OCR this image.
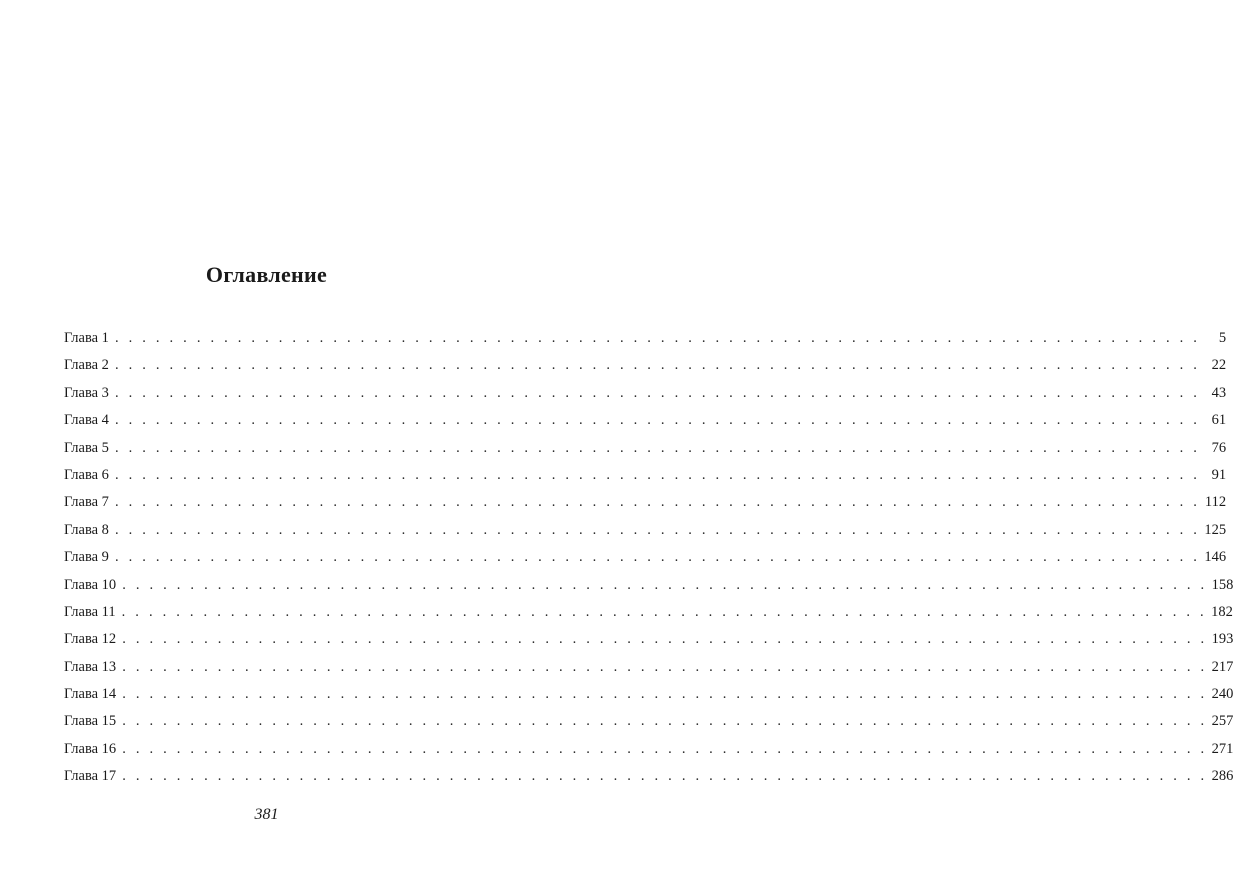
Оглавление
Глава 1 . . . . . . . . . . . . . . . . . . . . . . . . . . . . . . . . . . . . . . . . . . . . . . . . . . . . . . . . . . . . . . . . . . . . . . . . . . . . . . . .	5
Глава 2 . . . . . . . . . . . . . . . . . . . . . . . . . . . . . . . . . . . . . . . . . . . . . . . . . . . . . . . . . . . . . . . . . . . . . . . . . . . . . . . . 22
Глава 3 . . . . . . . . . . . . . . . . . . . . . . . . . . . . . . . . . . . . . . . . . . . . . . . . . . . . . . . . . . . . . . . . . . . . . . . . . . . . . . . . 43
Глава 4 . . . . . . . . . . . . . . . . . . . . . . . . . . . . . . . . . . . . . . . . . . . . . . . . . . . . . . . . . . . . . . . . . . . . . . . . . . . . . . . . 61
Глава 5 . . . . . . . . . . . . . . . . . . . . . . . . . . . . . . . . . . . . . . . . . . . . . . . . . . . . . . . . . . . . . . . . . . . . . . . . . . . . . . . . 76
Глава 6 . . . . . . . . . . . . . . . . . . . . . . . . . . . . . . . . . . . . . . . . . . . . . . . . . . . . . . . . . . . . . . . . . . . . . . . . . . . . . . . . 91
Глава 7 . . . . . . . . . . . . . . . . . . . . . . . . . . . . . . . . . . . . . . . . . . . . . . . . . . . . . . . . . . . . . . . . . . . . . . . . . . . . . . . . 112
Глава 8 . . . . . . . . . . . . . . . . . . . . . . . . . . . . . . . . . . . . . . . . . . . . . . . . . . . . . . . . . . . . . . . . . . . . . . . . . . . . . . . . 125
Глава 9 . . . . . . . . . . . . . . . . . . . . . . . . . . . . . . . . . . . . . . . . . . . . . . . . . . . . . . . . . . . . . . . . . . . . . . . . . . . . . . . . 146
Глава 10 . . . . . . . . . . . . . . . . . . . . . . . . . . . . . . . . . . . . . . . . . . . . . . . . . . . . . . . . . . . . . . . . . . . . . . . . . . . . . . . . 158
Глава 11 . . . . . . . . . . . . . . . . . . . . . . . . . . . . . . . . . . . . . . . . . . . . . . . . . . . . . . . . . . . . . . . . . . . . . . . . . . . . . . . . 182
Глава 12 . . . . . . . . . . . . . . . . . . . . . . . . . . . . . . . . . . . . . . . . . . . . . . . . . . . . . . . . . . . . . . . . . . . . . . . . . . . . . . . . 193
Глава 13 . . . . . . . . . . . . . . . . . . . . . . . . . . . . . . . . . . . . . . . . . . . . . . . . . . . . . . . . . . . . . . . . . . . . . . . . . . . . . . . . 217
Глава 14 . . . . . . . . . . . . . . . . . . . . . . . . . . . . . . . . . . . . . . . . . . . . . . . . . . . . . . . . . . . . . . . . . . . . . . . . . . . . . . . . 240
Глава 15 . . . . . . . . . . . . . . . . . . . . . . . . . . . . . . . . . . . . . . . . . . . . . . . . . . . . . . . . . . . . . . . . . . . . . . . . . . . . . . . . 257
Глава 16 . . . . . . . . . . . . . . . . . . . . . . . . . . . . . . . . . . . . . . . . . . . . . . . . . . . . . . . . . . . . . . . . . . . . . . . . . . . . . . . . 271
Глава 17 . . . . . . . . . . . . . . . . . . . . . . . . . . . . . . . . . . . . . . . . . . . . . . . . . . . . . . . . . . . . . . . . . . . . . . . . . . . . . . . . 286
381
